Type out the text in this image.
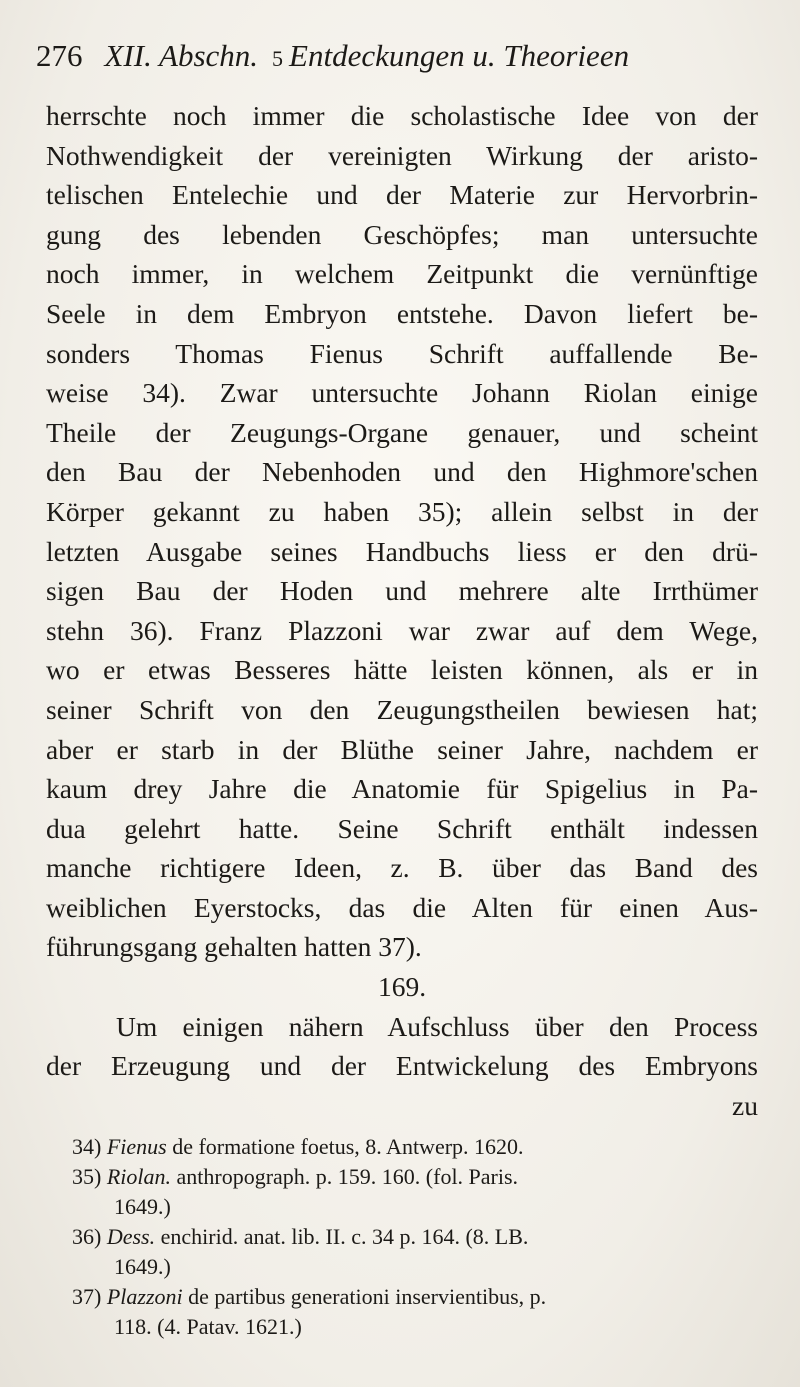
276 XII. Abschn. 5 Entdeckungen u. Theorieen
herrschte noch immer die scholastische Idee von der
Nothwendigkeit der vereinigten Wirkung der aristo-
telischen Entelechie und der Materie zur Hervorbrin-
gung des lebenden Geschöpfes; man untersuchte
noch immer, in welchem Zeitpunkt die vernünftige
Seele in dem Embryon entstehe. Davon liefert be-
sonders Thomas Fienus Schrift auffallende Be-
weise 34). Zwar untersuchte Johann Riolan einige
Theile der Zeugungs-Organe genauer, und scheint
den Bau der Nebenhoden und den Highmore'schen
Körper gekannt zu haben 35); allein selbst in der
letzten Ausgabe seines Handbuchs liess er den drü-
sigen Bau der Hoden und mehrere alte Irrthümer
stehn 36). Franz Plazzoni war zwar auf dem Wege,
wo er etwas Besseres hätte leisten können, als er in
seiner Schrift von den Zeugungstheilen bewiesen hat;
aber er starb in der Blüthe seiner Jahre, nachdem er
kaum drey Jahre die Anatomie für Spigelius in Pa-
dua gelehrt hatte. Seine Schrift enthält indessen
manche richtigere Ideen, z. B. über das Band des
weiblichen Eyerstocks, das die Alten für einen Aus-
führungsgang gehalten hatten 37).
169.
Um einigen nähern Aufschluss über den Process
der Erzeugung und der Entwickelung des Embryons
zu
34) Fienus de formatione foetus, 8. Antwerp. 1620.
35) Riolan. anthropograph. p. 159. 160. (fol. Paris.
1649.)
36) Dess. enchirid. anat. lib. II. c. 34 p. 164. (8. LB.
1649.)
37) Plazzoni de partibus generationi inservientibus, p.
118. (4. Patav. 1621.)
